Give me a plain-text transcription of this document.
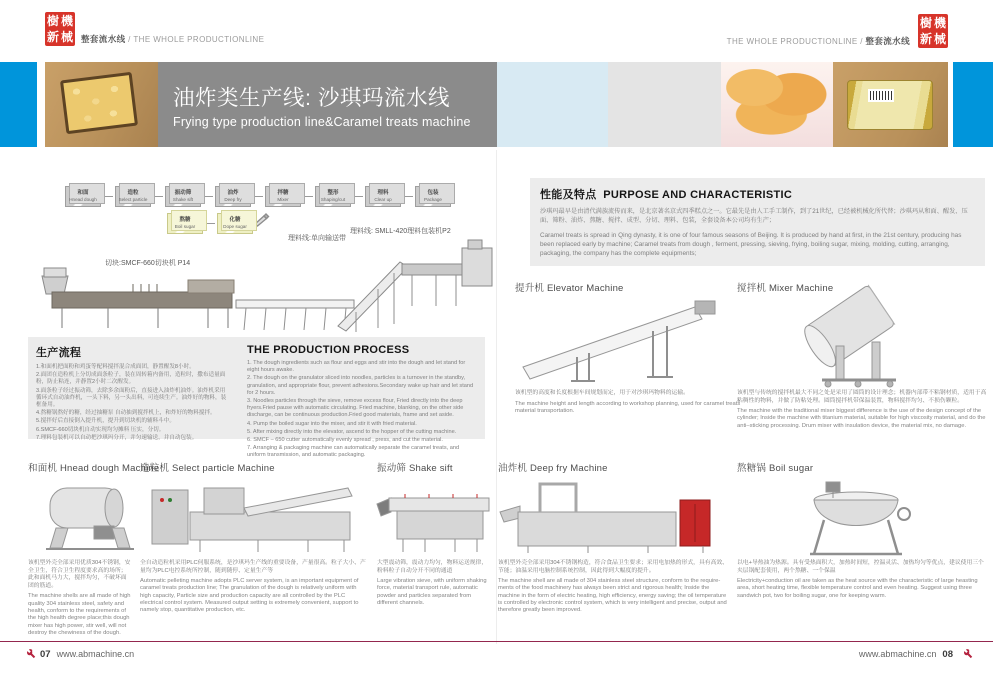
樹 機
新 械 整套流水线 / THE WHOLE PRODUCTIONLINE	THE WHOLE PRODUCTIONLINE / 整套流水线
樹 機
新 械
油炸类生产线: 沙琪玛流水线
Frying type production line&Caramel treats machine
和面
Hnead dough
造粒
Select particle
振动筛
Shake sift
油炸
Deep fry
拌糖
Mixer
整形
Shaping/cut
理料
Clear up
包装
Package
熬糖
Boil sugar
化糖
Dope sugar
切块:SMCF-660切块机 P14
理料线:单向输送带
理料线: SMLL-420理料包装机P2
生产流程
1.和面机把面粉和鸡蛋等配料搅拌混合成面团，静置醒发8小时。
2.面团在造粒机上分切成面条粒子，装在周转箱内备用，造粒时，撒布适量面粉，防止粘连，并静置2小时二次醒发。
3.面条粒子经过振动筛，去除多余面粉后，直接进入油炸机油炸。油炸机采用循环式自动油炸机，一头下料，另一头出料，可连续生产。油炸好的物料，装框备用。
4.熬糖锅熬好的糖，经过抽糖泵 自动抽到搅拌机上，和炸好的物料搅拌。
5.搅拌好后直接倒入提升机，提升到切块机的辅料斗中。
6.SMCF-660切块机自动实现均匀摊料 压实，分切。
7.理料包装机可以自动把沙琪玛分开，并匀速输送，并自动包装。
THE PRODUCTION PROCESS
1. The dough ingredients such as flour and eggs and stir into the dough and let stand for eight hours awake.
2. The dough on the granulator sliced into noodles, particles is a turnover in the standby, granulation, and appropriate flour, prevent adhesions.Secondary wake up hair and let stand for 2 hours.
3. Noodles particles through the sieve, remove excess flour, Fried directly into the deep fryers.Fried pause with automatic circulating. Fried machine, blanking, on the other side discharge, can be continuous production.Fried good materials, frame and set aside.
4. Pump the boiled sugar into the mixer, and stir it with fried material.
5. After mixing directly into the elevator, ascend to the hopper of the cutting machine.
6. SMCF – 650 cutter automatically evenly spread , press, and cut the material.
7. Arranging & packaging machine can automatically separate the caramel treats, and uniform transmission, and automatic packaging.
性能及特点 PURPOSE AND CHARACTERISTIC
沙琪玛最早是由清代满族流传而来，是北京著名京式四季糕点之一。它最先是由人工手工制作，到了21世纪，已经被机械化所代替；沙琪玛从和面、醒发、压面、筛粉、油炸、熬糖、搅拌、成型、分切、理料、包装，全套设备本公司均有生产；
Caramel treats is spread in Qing dynasty, it is one of four famous seasons of Beijing. It is produced by hand at first, in the 21st century, producing has been replaced early by machine; Caramel treats from dough , ferment, pressing, sieving, frying, boiling sugar, mixing, molding, cutting, arranging, packaging, the company has the complete equipments;
提升机 Elevator Machine
该机型的高度和长度根据车间规划而定，用于对沙琪玛物料的运输。
The machine height and length according to workshop planning, used for caramel treats material transportation.
搅拌机 Mixer Machine
该机型与传统的搅拌机最大不同之处是采用了圆筒的设计理念；机器内部带不粘钢材质，适用于高粘稠性的物料，并做了防粘处理。圆筒搅拌机带保温装置，物料搅拌均匀、不损伤颗粒。
The machine with the traditional mixer biggest difference is the use of the design concept of the cylinder; Inside the machine with titanium material, suitable for high viscosity material, and do the anti–sticking processing. Drum mixer with insulation device, the material mix, no damage.
和面机 Hnead dough Machine
该机型外壳全部采用优质304不锈钢，安全卫生，符合卫生程度要求高的场所；此和面机马力大，搅拌均匀，不破坏面团的筋道。
The machine shells are all made of high quality 304 stainless steel, safety and health, conform to the requirements of the high health degree place;this dough mixer has high power, stir well, will not destroy the chewiness of the dough.
造粒机 Select particle Machine
全自动造粒机采用PLC伺服系统，是沙琪玛生产线的重要设备，产量很高。粒子大小、产量均为PLC电控系统所控制，随到随停、定量生产等
Automatic pelleting machine adopts PLC server system, is an important equipment of caramel treats production line; The granulation of the dough is relatively uniform with high capacity, Particle size and production capacity are all controlled by the PLC electrical control system. Measured output setting is extremely convenient, support to namely stop, quantitative production, etc.
振动筛 Shake sift
大型震动筛，震动力均匀，物料运送规律，粉料粒子自动分开不同的通道
Large vibration sieve, with uniform shaking force, material transport rule, automatic powder and particles separated from different channels.
油炸机 Deep fry Machine
该机型外壳全部采用304不锈钢构造，符合食品卫生要求；采用电加热的形式，具有高效、节能；油温采用电脑控制系统控制，因此得到大幅度的提升。
The machine shell are all made of 304 stainless steel structure, conform to the require-ments of the food machinery has always been strict and rigorous health; Inside the machine in the form of electric heating, high efficiency, energy saving; the oil temperature is controlled by electronic control system, which is very intelligent and precise, output and therefore greatly been improved.
熬糖锅 Boil sugar
以电+导热油为热源。具有受热面积大，加热时间短，控温灵活、加热均匀等优点，建议使用三个夹层锅配套使用，两个熬糖、一个保温
Electricity+conduction oil are taken as the heat source with the characteristic of large heasting area, short heating time, flexible temperature control and even heating. Suggest using three sandwich pot, two for boiling sugar, one for keeping warm.
07 www.abmachine.cn	www.abmachine.cn 08
